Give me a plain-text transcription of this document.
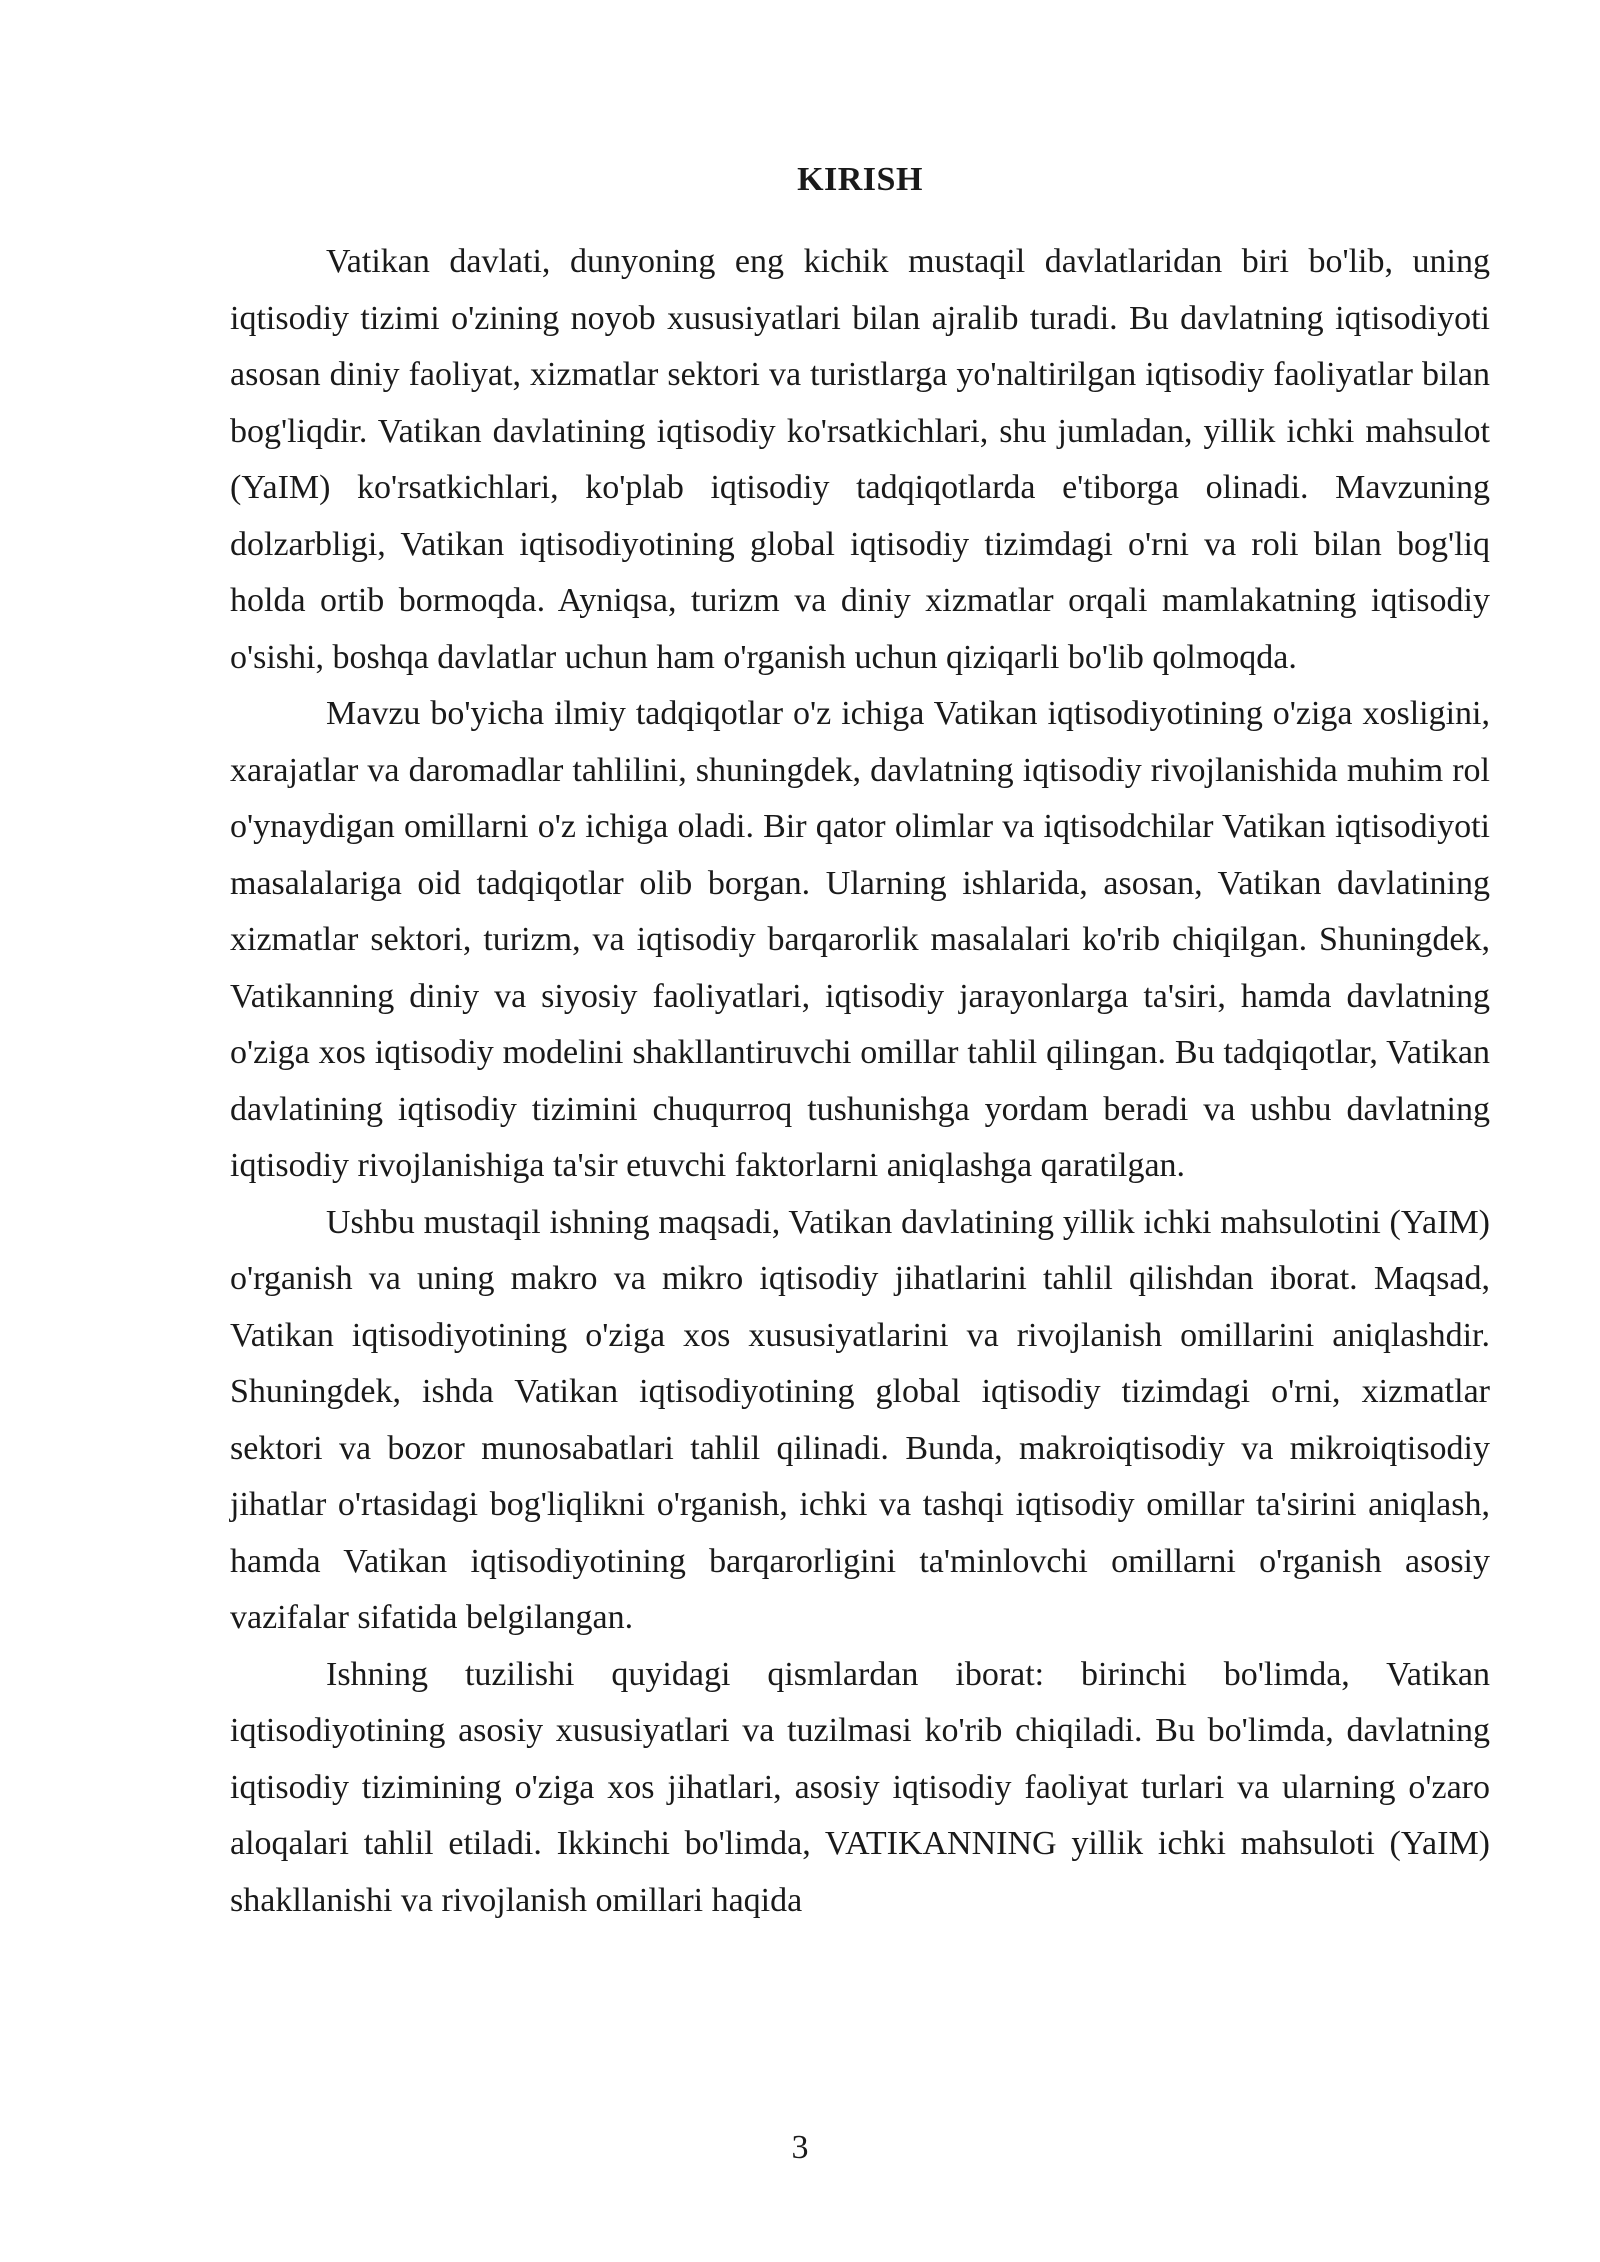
KIRISH

Vatikan davlati, dunyoning eng kichik mustaqil davlatlaridan biri bo'lib, uning iqtisodiy tizimi o'zining noyob xususiyatlari bilan ajralib turadi. Bu davlatning iqtisodiyoti asosan diniy faoliyat, xizmatlar sektori va turistlarga yo'naltirilgan iqtisodiy faoliyatlar bilan bog'liqdir. Vatikan davlatining iqtisodiy ko'rsatkichlari, shu jumladan, yillik ichki mahsulot (YaIM) ko'rsatkichlari, ko'plab iqtisodiy tadqiqotlarda e'tiborga olinadi. Mavzuning dolzarbligi, Vatikan iqtisodiyotining global iqtisodiy tizimdagi o'rni va roli bilan bog'liq holda ortib bormoqda. Ayniqsa, turizm va diniy xizmatlar orqali mamlakatning iqtisodiy o'sishi, boshqa davlatlar uchun ham o'rganish uchun qiziqarli bo'lib qolmoqda.

Mavzu bo'yicha ilmiy tadqiqotlar o'z ichiga Vatikan iqtisodiyotining o'ziga xosligini, xarajatlar va daromadlar tahlilini, shuningdek, davlatning iqtisodiy rivojlanishida muhim rol o'ynaydigan omillarni o'z ichiga oladi. Bir qator olimlar va iqtisodchilar Vatikan iqtisodiyoti masalalariga oid tadqiqotlar olib borgan. Ularning ishlarida, asosan, Vatikan davlatining xizmatlar sektori, turizm, va iqtisodiy barqarorlik masalalari ko'rib chiqilgan. Shuningdek, Vatikanning diniy va siyosiy faoliyatlari, iqtisodiy jarayonlarga ta'siri, hamda davlatning o'ziga xos iqtisodiy modelini shakllantiruvchi omillar tahlil qilingan. Bu tadqiqotlar, Vatikan davlatining iqtisodiy tizimini chuqurroq tushunishga yordam beradi va ushbu davlatning iqtisodiy rivojlanishiga ta'sir etuvchi faktorlarni aniqlashga qaratilgan.

Ushbu mustaqil ishning maqsadi, Vatikan davlatining yillik ichki mahsulotini (YaIM) o'rganish va uning makro va mikro iqtisodiy jihatlarini tahlil qilishdan iborat. Maqsad, Vatikan iqtisodiyotining o'ziga xos xususiyatlarini va rivojlanish omillarini aniqlashdir. Shuningdek, ishda Vatikan iqtisodiyotining global iqtisodiy tizimdagi o'rni, xizmatlar sektori va bozor munosabatlari tahlil qilinadi. Bunda, makroiqtisodiy va mikroiqtisodiy jihatlar o'rtasidagi bog'liqlikni o'rganish, ichki va tashqi iqtisodiy omillar ta'sirini aniqlash, hamda Vatikan iqtisodiyotining barqarorligini ta'minlovchi omillarni o'rganish asosiy vazifalar sifatida belgilangan.

Ishning tuzilishi quyidagi qismlardan iborat: birinchi bo'limda, Vatikan iqtisodiyotining asosiy xususiyatlari va tuzilmasi ko'rib chiqiladi. Bu bo'limda, davlatning iqtisodiy tizimining o'ziga xos jihatlari, asosiy iqtisodiy faoliyat turlari va ularning o'zaro aloqalari tahlil etiladi. Ikkinchi bo'limda, VATIKANNING yillik ichki mahsuloti (YaIM) shakllanishi va rivojlanish omillari haqida

3
